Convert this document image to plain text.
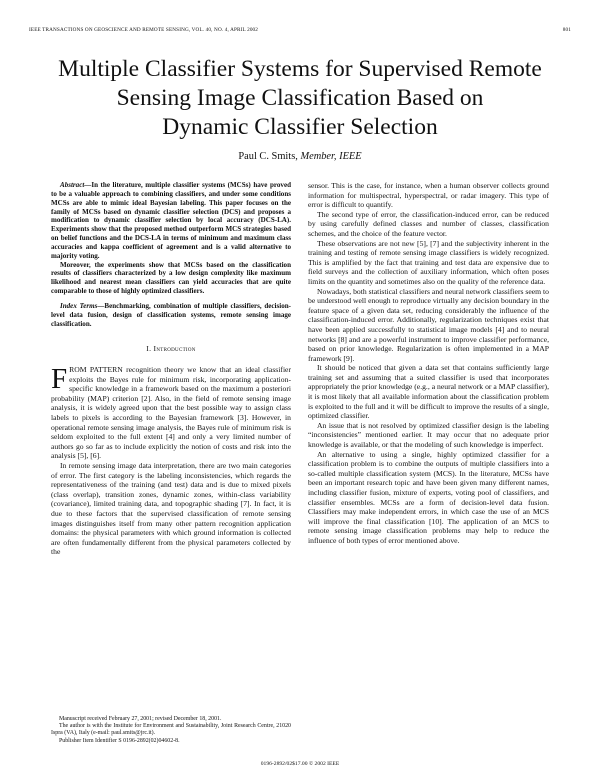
IEEE TRANSACTIONS ON GEOSCIENCE AND REMOTE SENSING, VOL. 40, NO. 4, APRIL 2002	801
Multiple Classifier Systems for Supervised Remote
Sensing Image Classification Based on
Dynamic Classifier Selection
Paul C. Smits, Member, IEEE

Abstract—In the literature, multiple classifier systems (MCSs) have proved to be a valuable approach to combining classifiers, and under some conditions MCSs are able to mimic ideal Bayesian labeling. This paper focuses on the family of MCSs based on dynamic classifier selection (DCS) and proposes a modification to dynamic classifier selection by local accuracy (DCS-LA). Experiments show that the proposed method outperform MCS strategies based on belief functions and the DCS-LA in terms of minimum and maximum class accuracies and kappa coefficient of agreement and is a valid alternative to majority voting.

Moreover, the experiments show that MCSs based on the classification results of classifiers characterized by a low design complexity like maximum likelihood and nearest mean classifiers can yield accuracies that are quite comparable to those of highly optimized classifiers.

Index Terms—Benchmarking, combination of multiple classifiers, decision-level data fusion, design of classification systems, remote sensing image classification.

I. Introduction

FROM PATTERN recognition theory we know that an ideal classifier exploits the Bayes rule for minimum risk, incorporating application-specific knowledge in a framework based on the maximum a posteriori probability (MAP) criterion [2]. Also, in the field of remote sensing image analysis, it is widely agreed upon that the best possible way to assign class labels to pixels is according to the Bayesian framework [3]. However, in operational remote sensing image analysis, the Bayes rule of minimum risk is seldom exploited to the full extent [4] and only a very limited number of authors go so far as to include explicitly the notion of costs and risk into the analysis [5], [6].

In remote sensing image data interpretation, there are two main categories of error. The first category is the labeling inconsistencies, which regards the representativeness of the training (and test) data and is due to mixed pixels (class overlap), transition zones, dynamic zones, within-class variability (covariance), limited training data, and topographic shading [7]. In fact, it is due to these factors that the supervised classification of remote sensing images distinguishes itself from many other pattern recognition application domains: the physical parameters with which ground information is collected are often fundamentally different from the physical parameters collected by the

sensor. This is the case, for instance, when a human observer collects ground information for multispectral, hyperspectral, or radar imagery. This type of error is difficult to quantify.

The second type of error, the classification-induced error, can be reduced by using carefully defined classes and number of classes, classification schemes, and the choice of the feature vector.

These observations are not new [5], [7] and the subjectivity inherent in the training and testing of remote sensing image classifiers is widely recognized. This is amplified by the fact that training and test data are expensive due to field surveys and the collection of auxiliary information, which often poses limits on the quantity and sometimes also on the quality of the reference data.

Nowadays, both statistical classifiers and neural network classifiers seem to be understood well enough to reproduce virtually any decision boundary in the feature space of a given data set, reducing considerably the influence of the classification-induced error. Additionally, regularization techniques exist that have been applied successfully to statistical image models [4] and to neural networks [8] and are a powerful instrument to improve classifier performance, based on prior knowledge. Regularization is often implemented in a MAP framework [9].

It should be noticed that given a data set that contains sufficiently large training set and assuming that a suited classifier is used that incorporates appropriately the prior knowledge (e.g., a neural network or a MAP classifier), it is most likely that all available information about the classification problem is exploited to the full and it will be difficult to improve the results of a single, optimized classifier.

An issue that is not resolved by optimized classifier design is the labeling “inconsistencies” mentioned earlier. It may occur that no adequate prior knowledge is available, or that the modeling of such knowledge is imperfect.

An alternative to using a single, highly optimized classifier for a classification problem is to combine the outputs of multiple classifiers into a so-called multiple classification system (MCS). In the literature, MCSs have been an important research topic and have been given many different names, including classifier fusion, mixture of experts, voting pool of classifiers, and classifier ensembles. MCSs are a form of decision-level data fusion. Classifiers may make independent errors, in which case the use of an MCS will improve the final classification [10]. The application of an MCS to remote sensing image classification problems may help to reduce the influence of both types of error mentioned above.

Manuscript received February 27, 2001; revised December 18, 2001.

The author is with the Institute for Environment and Sustainability, Joint Research Centre, 21020 Ispra (VA), Italy (e-mail: paul.smits@jrc.it).

Publisher Item Identifier S 0196-2892(02)04602-8.

0196-2892/02$17.00 © 2002 IEEE
